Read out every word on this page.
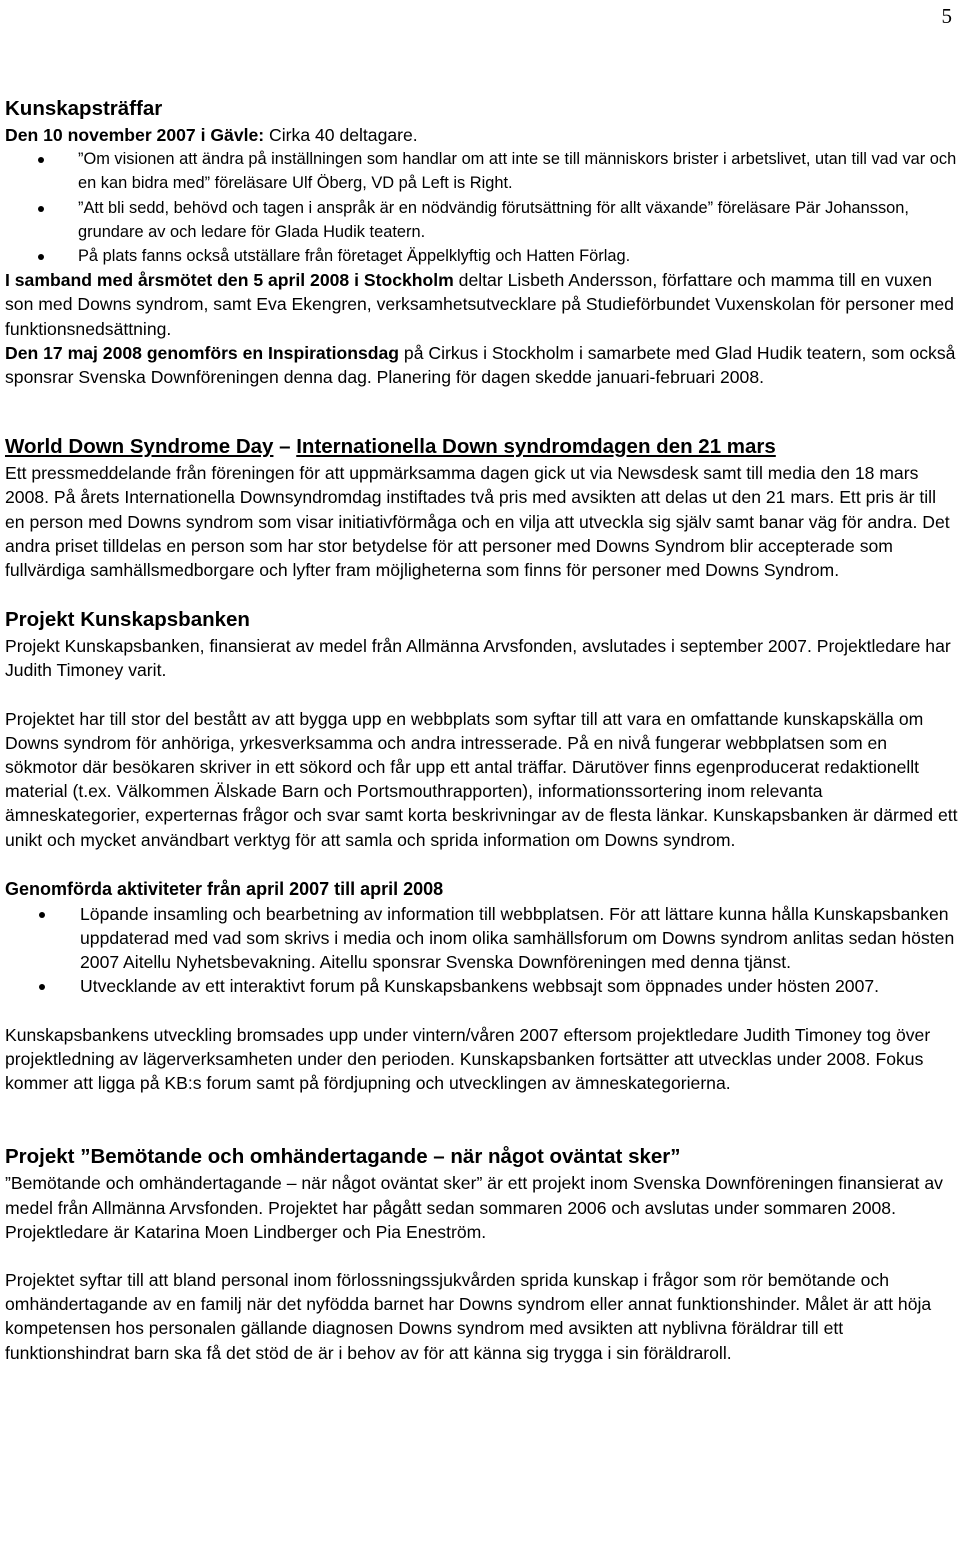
5
Kunskapsträffar

Den 10 november 2007 i Gävle: Cirka 40 deltagare.

”Om visionen att ändra på inställningen som handlar om att inte se till människors brister i arbetslivet, utan till vad var och en kan bidra med” föreläsare Ulf Öberg, VD på Left is Right.
”Att bli sedd, behövd och tagen i anspråk är en nödvändig förutsättning för allt växande” föreläsare Pär Johansson, grundare av och ledare för Glada Hudik teatern.
På plats fanns också utställare från företaget Äppelklyftig och Hatten Förlag.

I samband med årsmötet den 5 april 2008 i Stockholm deltar Lisbeth Andersson, författare och mamma till en vuxen son med Downs syndrom, samt Eva Ekengren, verksamhetsutvecklare på Studieförbundet Vuxenskolan för personer med funktionsnedsättning.

Den 17 maj 2008 genomförs en Inspirationsdag på Cirkus i Stockholm i samarbete med Glad Hudik teatern, som också sponsrar Svenska Downföreningen denna dag. Planering för dagen skedde januari-februari 2008.

World Down Syndrome Day – Internationella Down syndromdagen den 21 mars

Ett pressmeddelande från föreningen för att uppmärksamma dagen gick ut via Newsdesk samt till media den 18 mars 2008. På årets Internationella Downsyndromdag instiftades två pris med avsikten att delas ut den 21 mars. Ett pris är till en person med Downs syndrom som visar initiativförmåga och en vilja att utveckla sig själv samt banar väg för andra. Det andra priset tilldelas en person som har stor betydelse för att personer med Downs Syndrom blir accepterade som fullvärdiga samhällsmedborgare och lyfter fram möjligheterna som finns för personer med Downs Syndrom.

Projekt Kunskapsbanken

Projekt Kunskapsbanken, finansierat av medel från Allmänna Arvsfonden, avslutades i september 2007. Projektledare har Judith Timoney varit.

Projektet har till stor del bestått av att bygga upp en webbplats som syftar till att vara en omfattande kunskapskälla om Downs syndrom för anhöriga, yrkesverksamma och andra intresserade. På en nivå fungerar webbplatsen som en sökmotor där besökaren skriver in ett sökord och får upp ett antal träffar. Därutöver finns egenproducerat redaktionellt material (t.ex. Välkommen Älskade Barn och Portsmouthrapporten), informationssortering inom relevanta ämneskategorier, experternas frågor och svar samt korta beskrivningar av de flesta länkar. Kunskapsbanken är därmed ett unikt och mycket användbart verktyg för att samla och sprida information om Downs syndrom.

Genomförda aktiviteter från april 2007 till april 2008
Löpande insamling och bearbetning av information till webbplatsen. För att lättare kunna hålla Kunskapsbanken uppdaterad med vad som skrivs i media och inom olika samhällsforum om Downs syndrom anlitas sedan hösten 2007 Aitellu Nyhetsbevakning. Aitellu sponsrar Svenska Downföreningen med denna tjänst.
Utvecklande av ett interaktivt forum på Kunskapsbankens webbsajt som öppnades under hösten 2007.

Kunskapsbankens utveckling bromsades upp under vintern/våren 2007 eftersom projektledare Judith Timoney tog över projektledning av lägerverksamheten under den perioden. Kunskapsbanken fortsätter att utvecklas under 2008. Fokus kommer att ligga på KB:s forum samt på fördjupning och utvecklingen av ämneskategorierna.

Projekt ”Bemötande och omhändertagande – när något oväntat sker”

”Bemötande och omhändertagande – när något oväntat sker” är ett projekt inom Svenska Downföreningen finansierat av medel från Allmänna Arvsfonden. Projektet har pågått sedan sommaren 2006 och avslutas under sommaren 2008. Projektledare är Katarina Moen Lindberger och Pia Eneström.

Projektet syftar till att bland personal inom förlossningssjukvården sprida kunskap i frågor som rör bemötande och omhändertagande av en familj när det nyfödda barnet har Downs syndrom eller annat funktionshinder. Målet är att höja kompetensen hos personalen gällande diagnosen Downs syndrom med avsikten att nyblivna föräldrar till ett funktionshindrat barn ska få det stöd de är i behov av för att känna sig trygga i sin föräldraroll.
